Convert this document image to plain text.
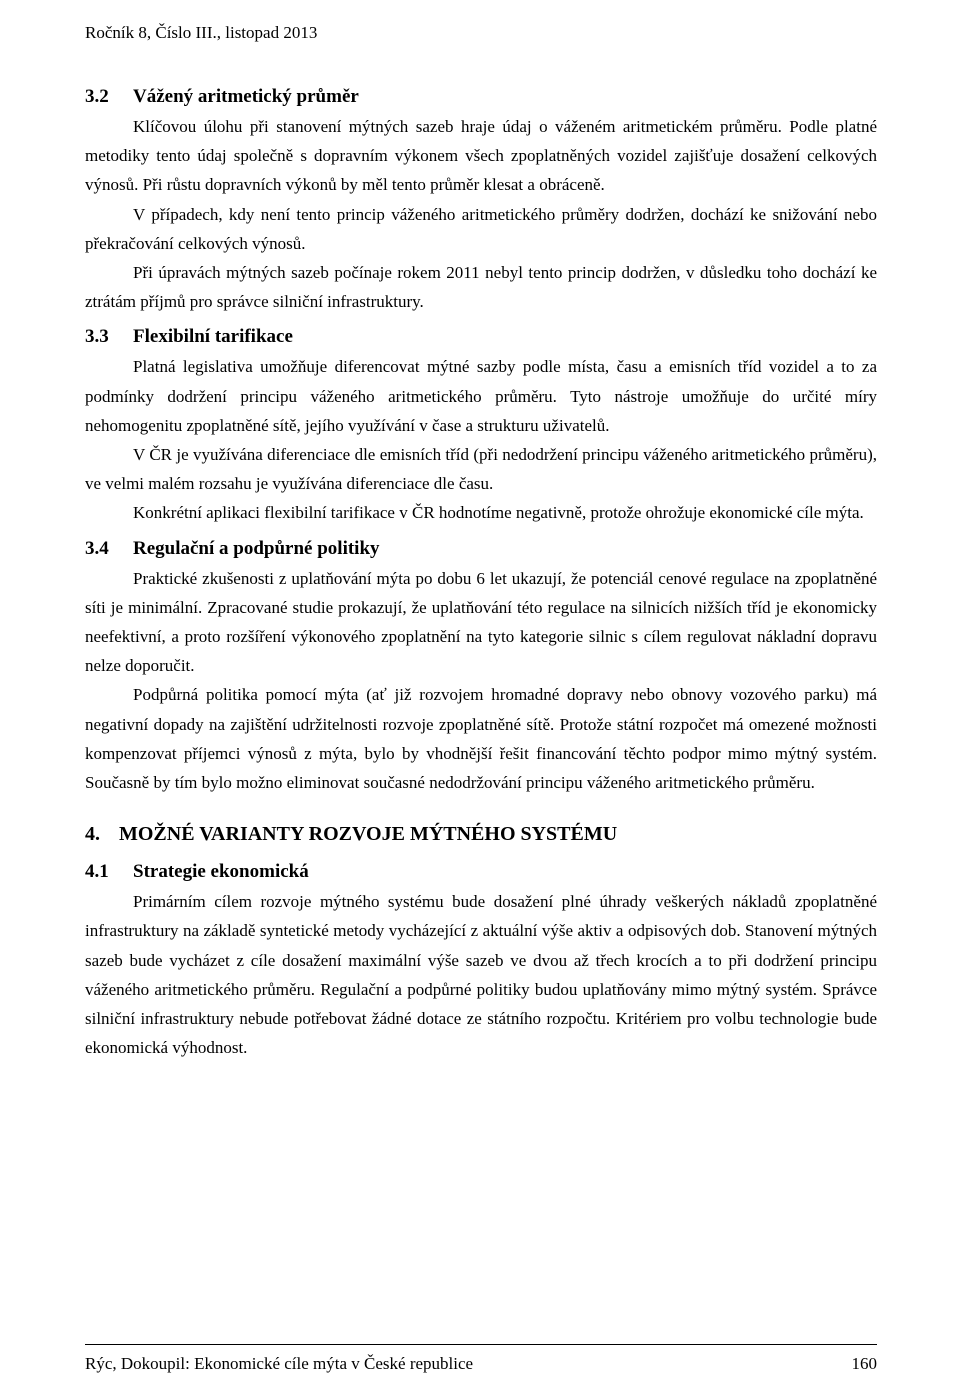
Ročník 8, Číslo III., listopad 2013
3.2	Vážený aritmetický průměr

Klíčovou úlohu při stanovení mýtných sazeb hraje údaj o váženém aritmetickém průměru. Podle platné metodiky tento údaj společně s dopravním výkonem všech zpoplatněných vozidel zajišťuje dosažení celkových výnosů. Při růstu dopravních výkonů by měl tento průměr klesat a obráceně.

V případech, kdy není tento princip váženého aritmetického průměry dodržen, dochází ke snižování nebo překračování celkových výnosů.

Při úpravách mýtných sazeb počínaje rokem 2011 nebyl tento princip dodržen, v důsledku toho dochází ke ztrátám příjmů pro správce silniční infrastruktury.

3.3	Flexibilní tarifikace

Platná legislativa umožňuje diferencovat mýtné sazby podle místa, času a emisních tříd vozidel a to za podmínky dodržení principu váženého aritmetického průměru. Tyto nástroje umožňuje do určité míry nehomogenitu zpoplatněné sítě, jejího využívání v čase a strukturu uživatelů.

V ČR je využívána diferenciace dle emisních tříd (při nedodržení principu váženého aritmetického průměru), ve velmi malém rozsahu je využívána diferenciace dle času.

Konkrétní aplikaci flexibilní tarifikace v ČR hodnotíme negativně, protože ohrožuje ekonomické cíle mýta.

3.4	Regulační a podpůrné politiky

Praktické zkušenosti z uplatňování mýta po dobu 6 let ukazují, že potenciál cenové regulace na zpoplatněné síti je minimální. Zpracované studie prokazují, že uplatňování této regulace na silnicích nižších tříd je ekonomicky neefektivní, a proto rozšíření výkonového zpoplatnění na tyto kategorie silnic s cílem regulovat nákladní dopravu nelze doporučit.

Podpůrná politika pomocí mýta (ať již rozvojem hromadné dopravy nebo obnovy vozového parku) má negativní dopady na zajištění udržitelnosti rozvoje zpoplatněné sítě. Protože státní rozpočet má omezené možnosti kompenzovat příjemci výnosů z mýta, bylo by vhodnější řešit financování těchto podpor mimo mýtný systém. Současně by tím bylo možno eliminovat současné nedodržování principu váženého aritmetického průměru.

4. MOŽNÉ VARIANTY ROZVOJE MÝTNÉHO SYSTÉMU
4.1	Strategie ekonomická

Primárním cílem rozvoje mýtného systému bude dosažení plné úhrady veškerých nákladů zpoplatněné infrastruktury na základě syntetické metody vycházející z aktuální výše aktiv a odpisových dob. Stanovení mýtných sazeb bude vycházet z cíle dosažení maximální výše sazeb ve dvou až třech krocích a to při dodržení principu váženého aritmetického průměru. Regulační a podpůrné politiky budou uplatňovány mimo mýtný systém. Správce silniční infrastruktury nebude potřebovat žádné dotace ze státního rozpočtu. Kritériem pro volbu technologie bude ekonomická výhodnost.

Rýc, Dokoupil: Ekonomické cíle mýta v České republice	160
